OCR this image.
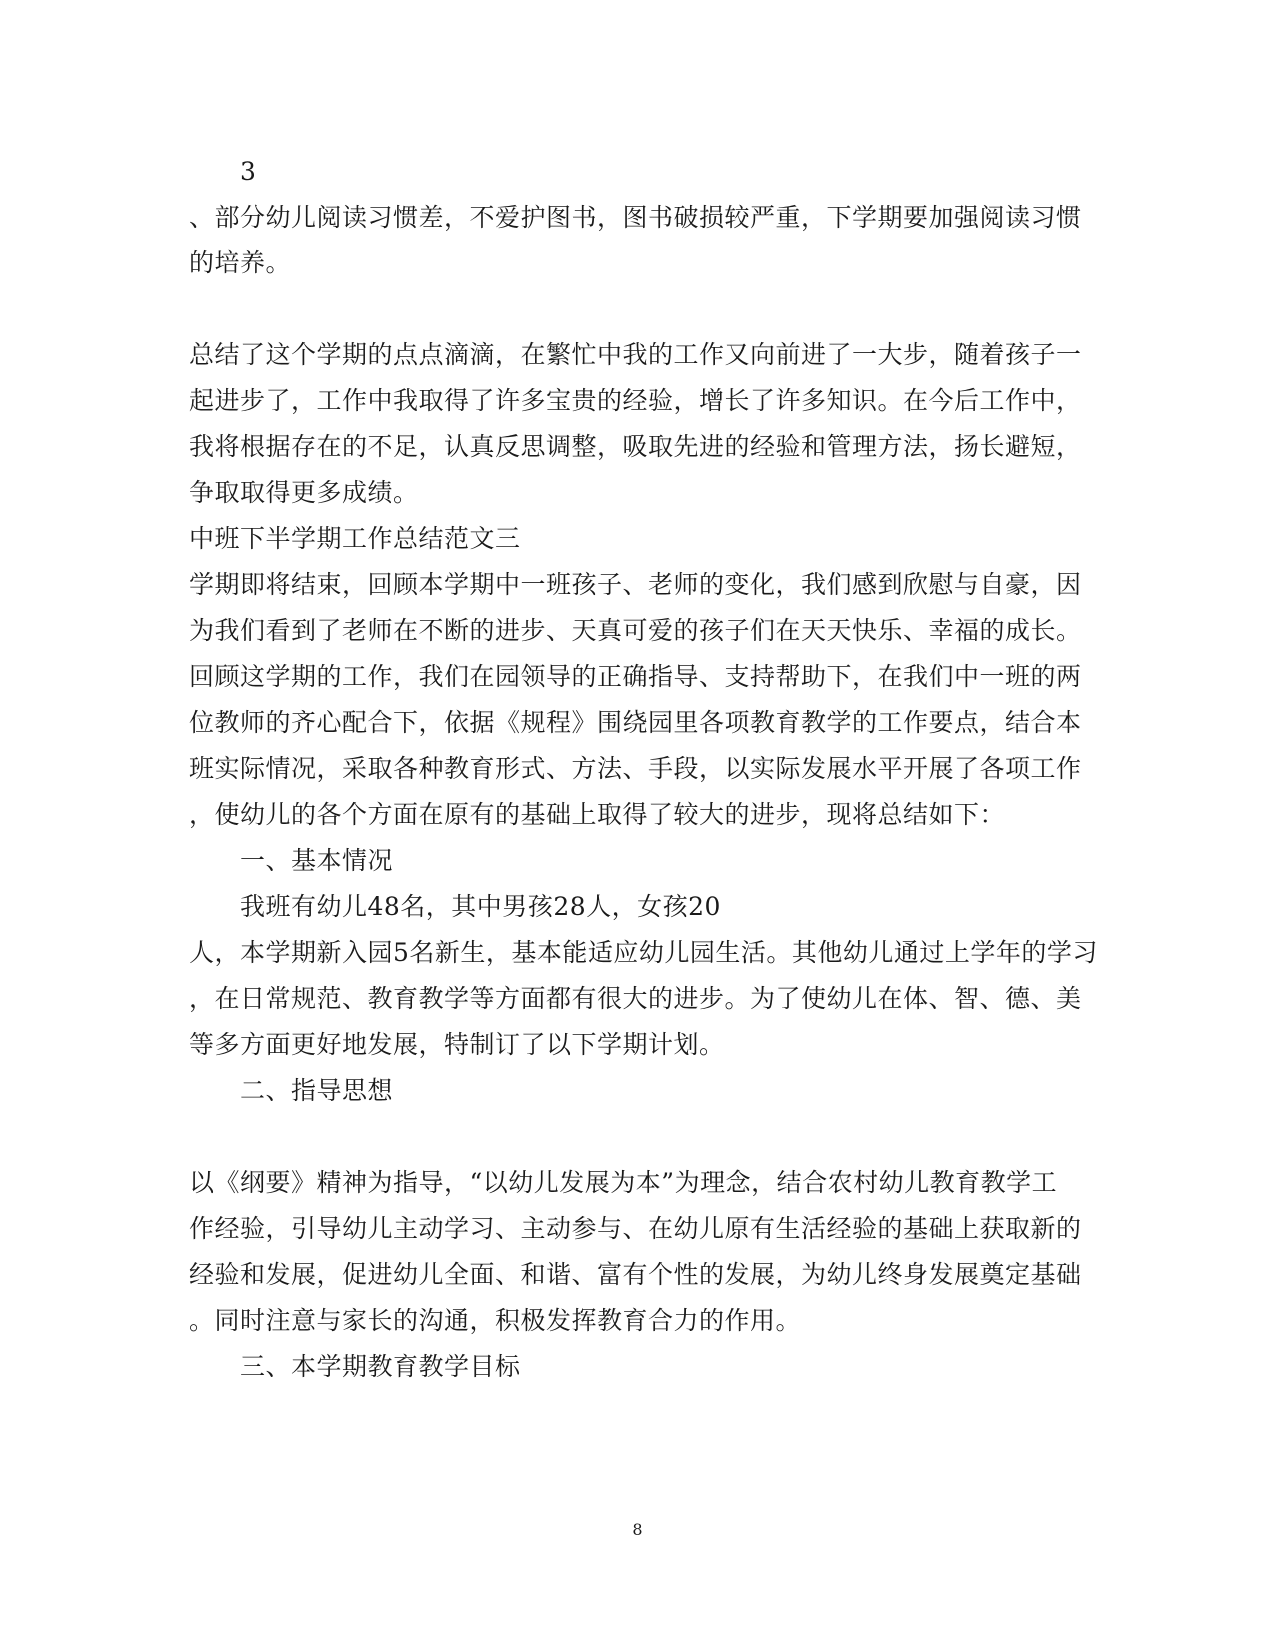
3
、部分幼儿阅读习惯差，不爱护图书，图书破损较严重，下学期要加强阅读习惯
的培养。
总结了这个学期的点点滴滴，在繁忙中我的工作又向前进了一大步，随着孩子一
起进步了，工作中我取得了许多宝贵的经验，增长了许多知识。在今后工作中，
我将根据存在的不足，认真反思调整，吸取先进的经验和管理方法，扬长避短，
争取取得更多成绩。
中班下半学期工作总结范文三
学期即将结束，回顾本学期中一班孩子、老师的变化，我们感到欣慰与自豪，因
为我们看到了老师在不断的进步、天真可爱的孩子们在天天快乐、幸福的成长。
回顾这学期的工作，我们在园领导的正确指导、支持帮助下，在我们中一班的两
位教师的齐心配合下，依据《规程》围绕园里各项教育教学的工作要点，结合本
班实际情况，采取各种教育形式、方法、手段，以实际发展水平开展了各项工作
，使幼儿的各个方面在原有的基础上取得了较大的进步，现将总结如下：
一、基本情况
我班有幼儿48名，其中男孩28人，女孩20
人，本学期新入园5名新生，基本能适应幼儿园生活。其他幼儿通过上学年的学习
，在日常规范、教育教学等方面都有很大的进步。为了使幼儿在体、智、德、美
等多方面更好地发展，特制订了以下学期计划。
二、指导思想
以《纲要》精神为指导，“以幼儿发展为本”为理念，结合农村幼儿教育教学工
作经验，引导幼儿主动学习、主动参与、在幼儿原有生活经验的基础上获取新的
经验和发展，促进幼儿全面、和谐、富有个性的发展，为幼儿终身发展奠定基础
。同时注意与家长的沟通，积极发挥教育合力的作用。
三、本学期教育教学目标
8
